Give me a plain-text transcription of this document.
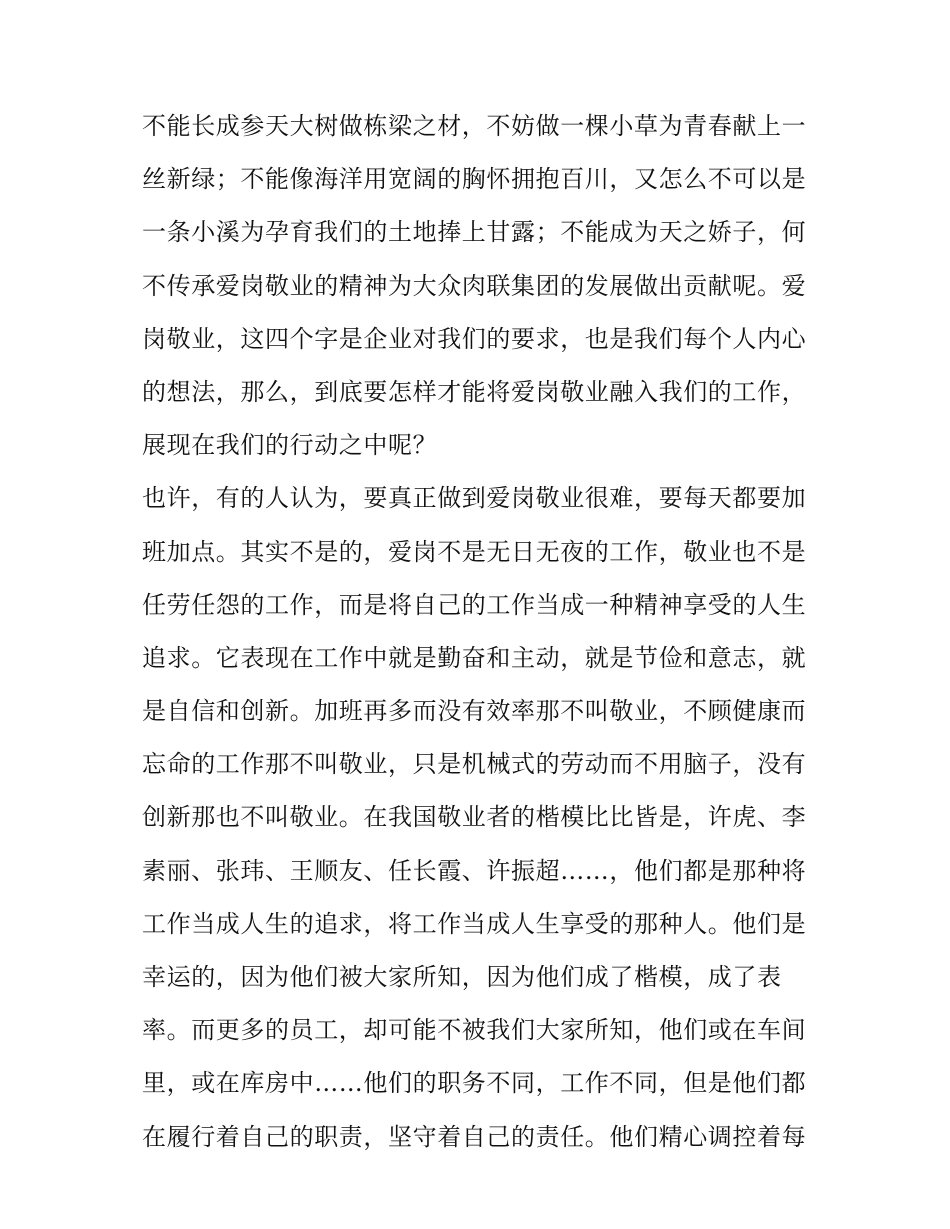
不能长成参天大树做栋梁之材，不妨做一棵小草为青春献上一
丝新绿；不能像海洋用宽阔的胸怀拥抱百川，又怎么不可以是
一条小溪为孕育我们的土地捧上甘露；不能成为天之娇子，何
不传承爱岗敬业的精神为大众肉联集团的发展做出贡献呢。爱
岗敬业，这四个字是企业对我们的要求，也是我们每个人内心
的想法，那么，到底要怎样才能将爱岗敬业融入我们的工作，
展现在我们的行动之中呢？
也许，有的人认为，要真正做到爱岗敬业很难，要每天都要加
班加点。其实不是的，爱岗不是无日无夜的工作，敬业也不是
任劳任怨的工作，而是将自己的工作当成一种精神享受的人生
追求。它表现在工作中就是勤奋和主动，就是节俭和意志，就
是自信和创新。加班再多而没有效率那不叫敬业，不顾健康而
忘命的工作那不叫敬业，只是机械式的劳动而不用脑子，没有
创新那也不叫敬业。在我国敬业者的楷模比比皆是，许虎、李
素丽、张玮、王顺友、任长霞、许振超……，他们都是那种将
工作当成人生的追求，将工作当成人生享受的那种人。他们是
幸运的，因为他们被大家所知，因为他们成了楷模，成了表
率。而更多的员工，却可能不被我们大家所知，他们或在车间
里，或在库房中……他们的职务不同，工作不同，但是他们都
在履行着自己的职责，坚守着自己的责任。他们精心调控着每
